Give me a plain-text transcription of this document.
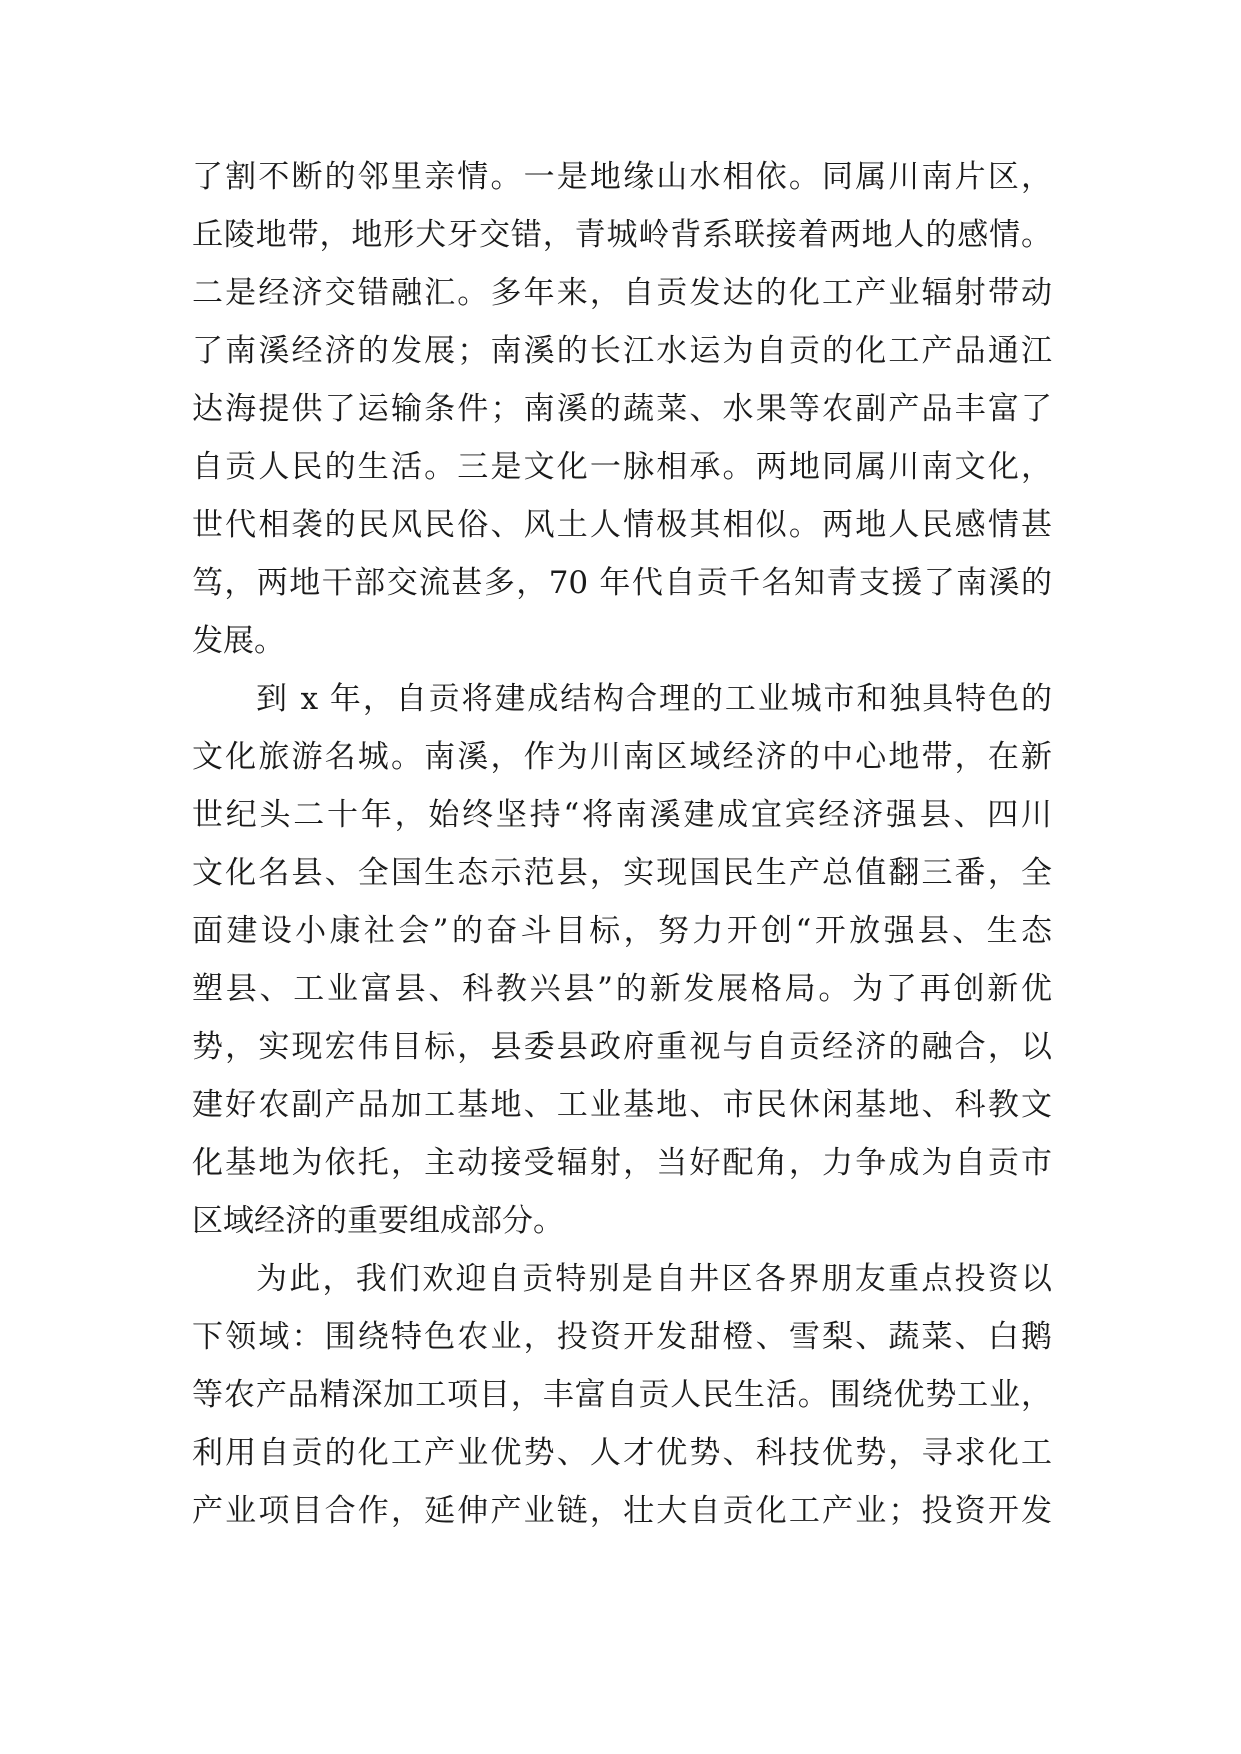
了割不断的邻里亲情。一是地缘山水相依。同属川南片区，
丘陵地带，地形犬牙交错，青城岭背系联接着两地人的感情。
二是经济交错融汇。多年来，自贡发达的化工产业辐射带动
了南溪经济的发展；南溪的长江水运为自贡的化工产品通江
达海提供了运输条件；南溪的蔬菜、水果等农副产品丰富了
自贡人民的生活。三是文化一脉相承。两地同属川南文化，
世代相袭的民风民俗、风土人情极其相似。两地人民感情甚
笃，两地干部交流甚多，70 年代自贡千名知青支援了南溪的
发展。
到 x 年，自贡将建成结构合理的工业城市和独具特色的
文化旅游名城。南溪，作为川南区域经济的中心地带，在新
世纪头二十年，始终坚持“将南溪建成宜宾经济强县、四川
文化名县、全国生态示范县，实现国民生产总值翻三番，全
面建设小康社会”的奋斗目标，努力开创“开放强县、生态
塑县、工业富县、科教兴县”的新发展格局。为了再创新优
势，实现宏伟目标，县委县政府重视与自贡经济的融合，以
建好农副产品加工基地、工业基地、市民休闲基地、科教文
化基地为依托，主动接受辐射，当好配角，力争成为自贡市
区域经济的重要组成部分。
为此，我们欢迎自贡特别是自井区各界朋友重点投资以
下领域：围绕特色农业，投资开发甜橙、雪梨、蔬菜、白鹅
等农产品精深加工项目，丰富自贡人民生活。围绕优势工业，
利用自贡的化工产业优势、人才优势、科技优势，寻求化工
产业项目合作，延伸产业链，壮大自贡化工产业；投资开发
